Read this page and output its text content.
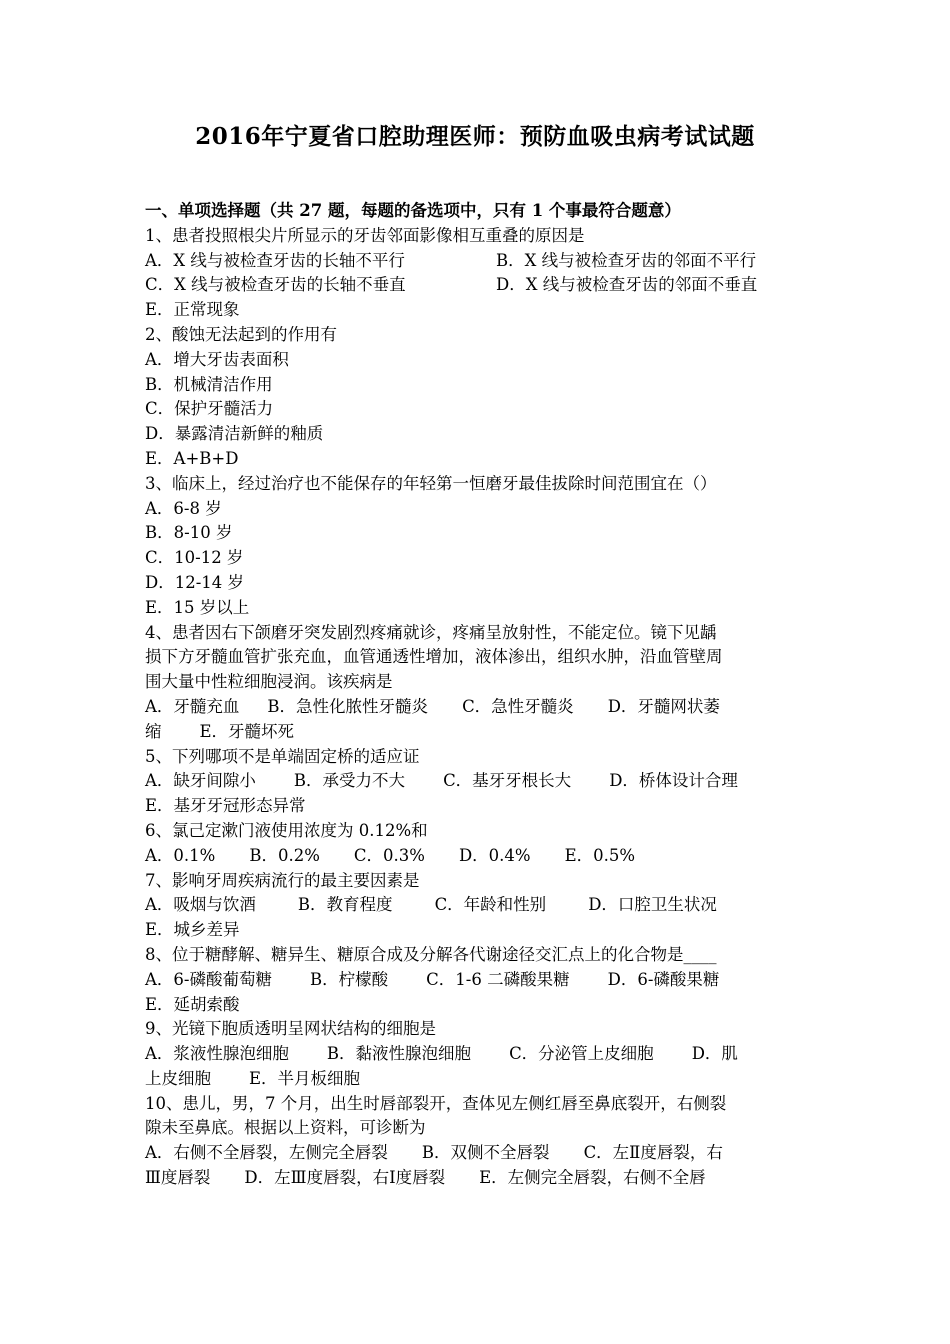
2016年宁夏省口腔助理医师：预防血吸虫病考试试题
一、单项选择题（共 27 题，每题的备选项中，只有 1 个事最符合题意）
1、患者投照根尖片所显示的牙齿邻面影像相互重叠的原因是
A．X 线与被检查牙齿的长轴不平行	B．X 线与被检查牙齿的邻面不平行
C．X 线与被检查牙齿的长轴不垂直	D．X 线与被检查牙齿的邻面不垂直
E．正常现象
2、酸蚀无法起到的作用有
A．增大牙齿表面积
B．机械清洁作用
C．保护牙髓活力
D．暴露清洁新鲜的釉质
E．A+B+D
3、临床上，经过治疗也不能保存的年轻第一恒磨牙最佳拔除时间范围宜在（）
A．6-8 岁
B．8-10 岁
C．10-12 岁
D．12-14 岁
E．15 岁以上
4、患者因右下颌磨牙突发剧烈疼痛就诊，疼痛呈放射性，不能定位。镜下见龋
损下方牙髓血管扩张充血，血管通透性增加，液体渗出，组织水肿，沿血管壁周
围大量中性粒细胞浸润。该疾病是
A．牙髓充血 B．急性化脓性牙髓炎 C．急性牙髓炎 D．牙髓网状萎
缩 E．牙髓坏死
5、下列哪项不是单端固定桥的适应证
A．缺牙间隙小 B．承受力不大 C．基牙牙根长大 D．桥体设计合理
E．基牙牙冠形态异常
6、氯己定漱门液使用浓度为 0.12%和
A．0.1% B．0.2% C．0.3% D．0.4% E．0.5%
7、影响牙周疾病流行的最主要因素是
A．吸烟与饮酒	B．教育程度	C．年龄和性别	D．口腔卫生状况
E．城乡差异
8、位于糖酵解、糖异生、糖原合成及分解各代谢途径交汇点上的化合物是____
A．6-磷酸葡萄糖 B．柠檬酸 C．1-6 二磷酸果糖 D．6-磷酸果糖
E．延胡索酸
9、光镜下胞质透明呈网状结构的细胞是
A．浆液性腺泡细胞 B．黏液性腺泡细胞 C．分泌管上皮细胞 D．肌
上皮细胞 E．半月板细胞
10、患儿，男，7 个月，出生时唇部裂开，查体见左侧红唇至鼻底裂开，右侧裂
隙未至鼻底。根据以上资料，可诊断为
A．右侧不全唇裂，左侧完全唇裂 B．双侧不全唇裂 C．左Ⅱ度唇裂，右
Ⅲ度唇裂 D．左Ⅲ度唇裂，右Ⅰ度唇裂 E．左侧完全唇裂，右侧不全唇
